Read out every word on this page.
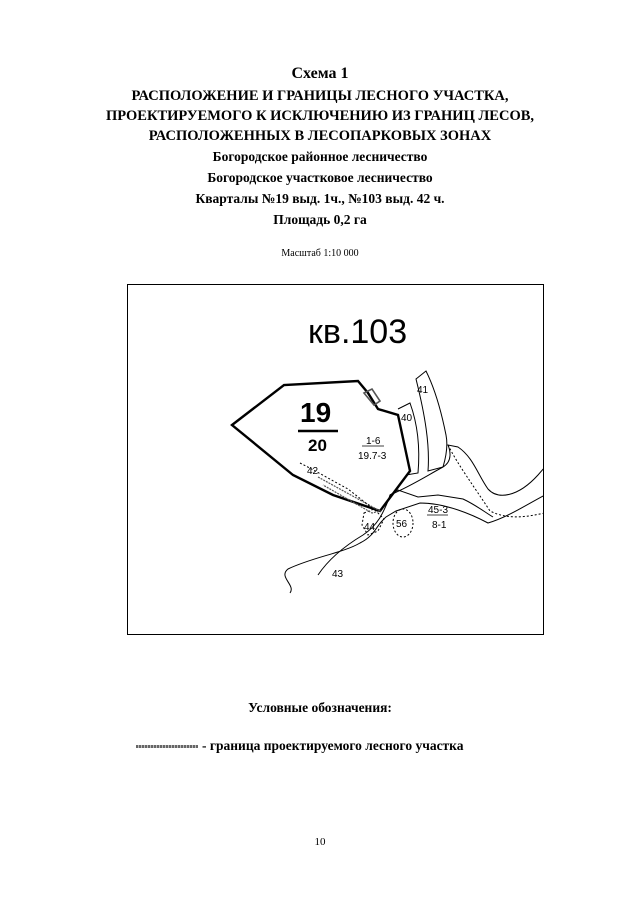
Схема 1
РАСПОЛОЖЕНИЕ И ГРАНИЦЫ ЛЕСНОГО УЧАСТКА,
ПРОЕКТИРУЕМОГО К ИСКЛЮЧЕНИЮ ИЗ ГРАНИЦ ЛЕСОВ,
РАСПОЛОЖЕННЫХ В ЛЕСОПАРКОВЫХ ЗОНАХ
Богородское районное лесничество
Богородское участковое лесничество
Кварталы №19 выд. 1ч., №103 выд. 42 ч.
Площадь 0,2 га
Масштаб 1:10 000
кв.103
19
20
42
41
40
1-6
19.7-3
44 56
45-3
8-1
43
Условные обозначения:
- граница проектируемого лесного участка
10
